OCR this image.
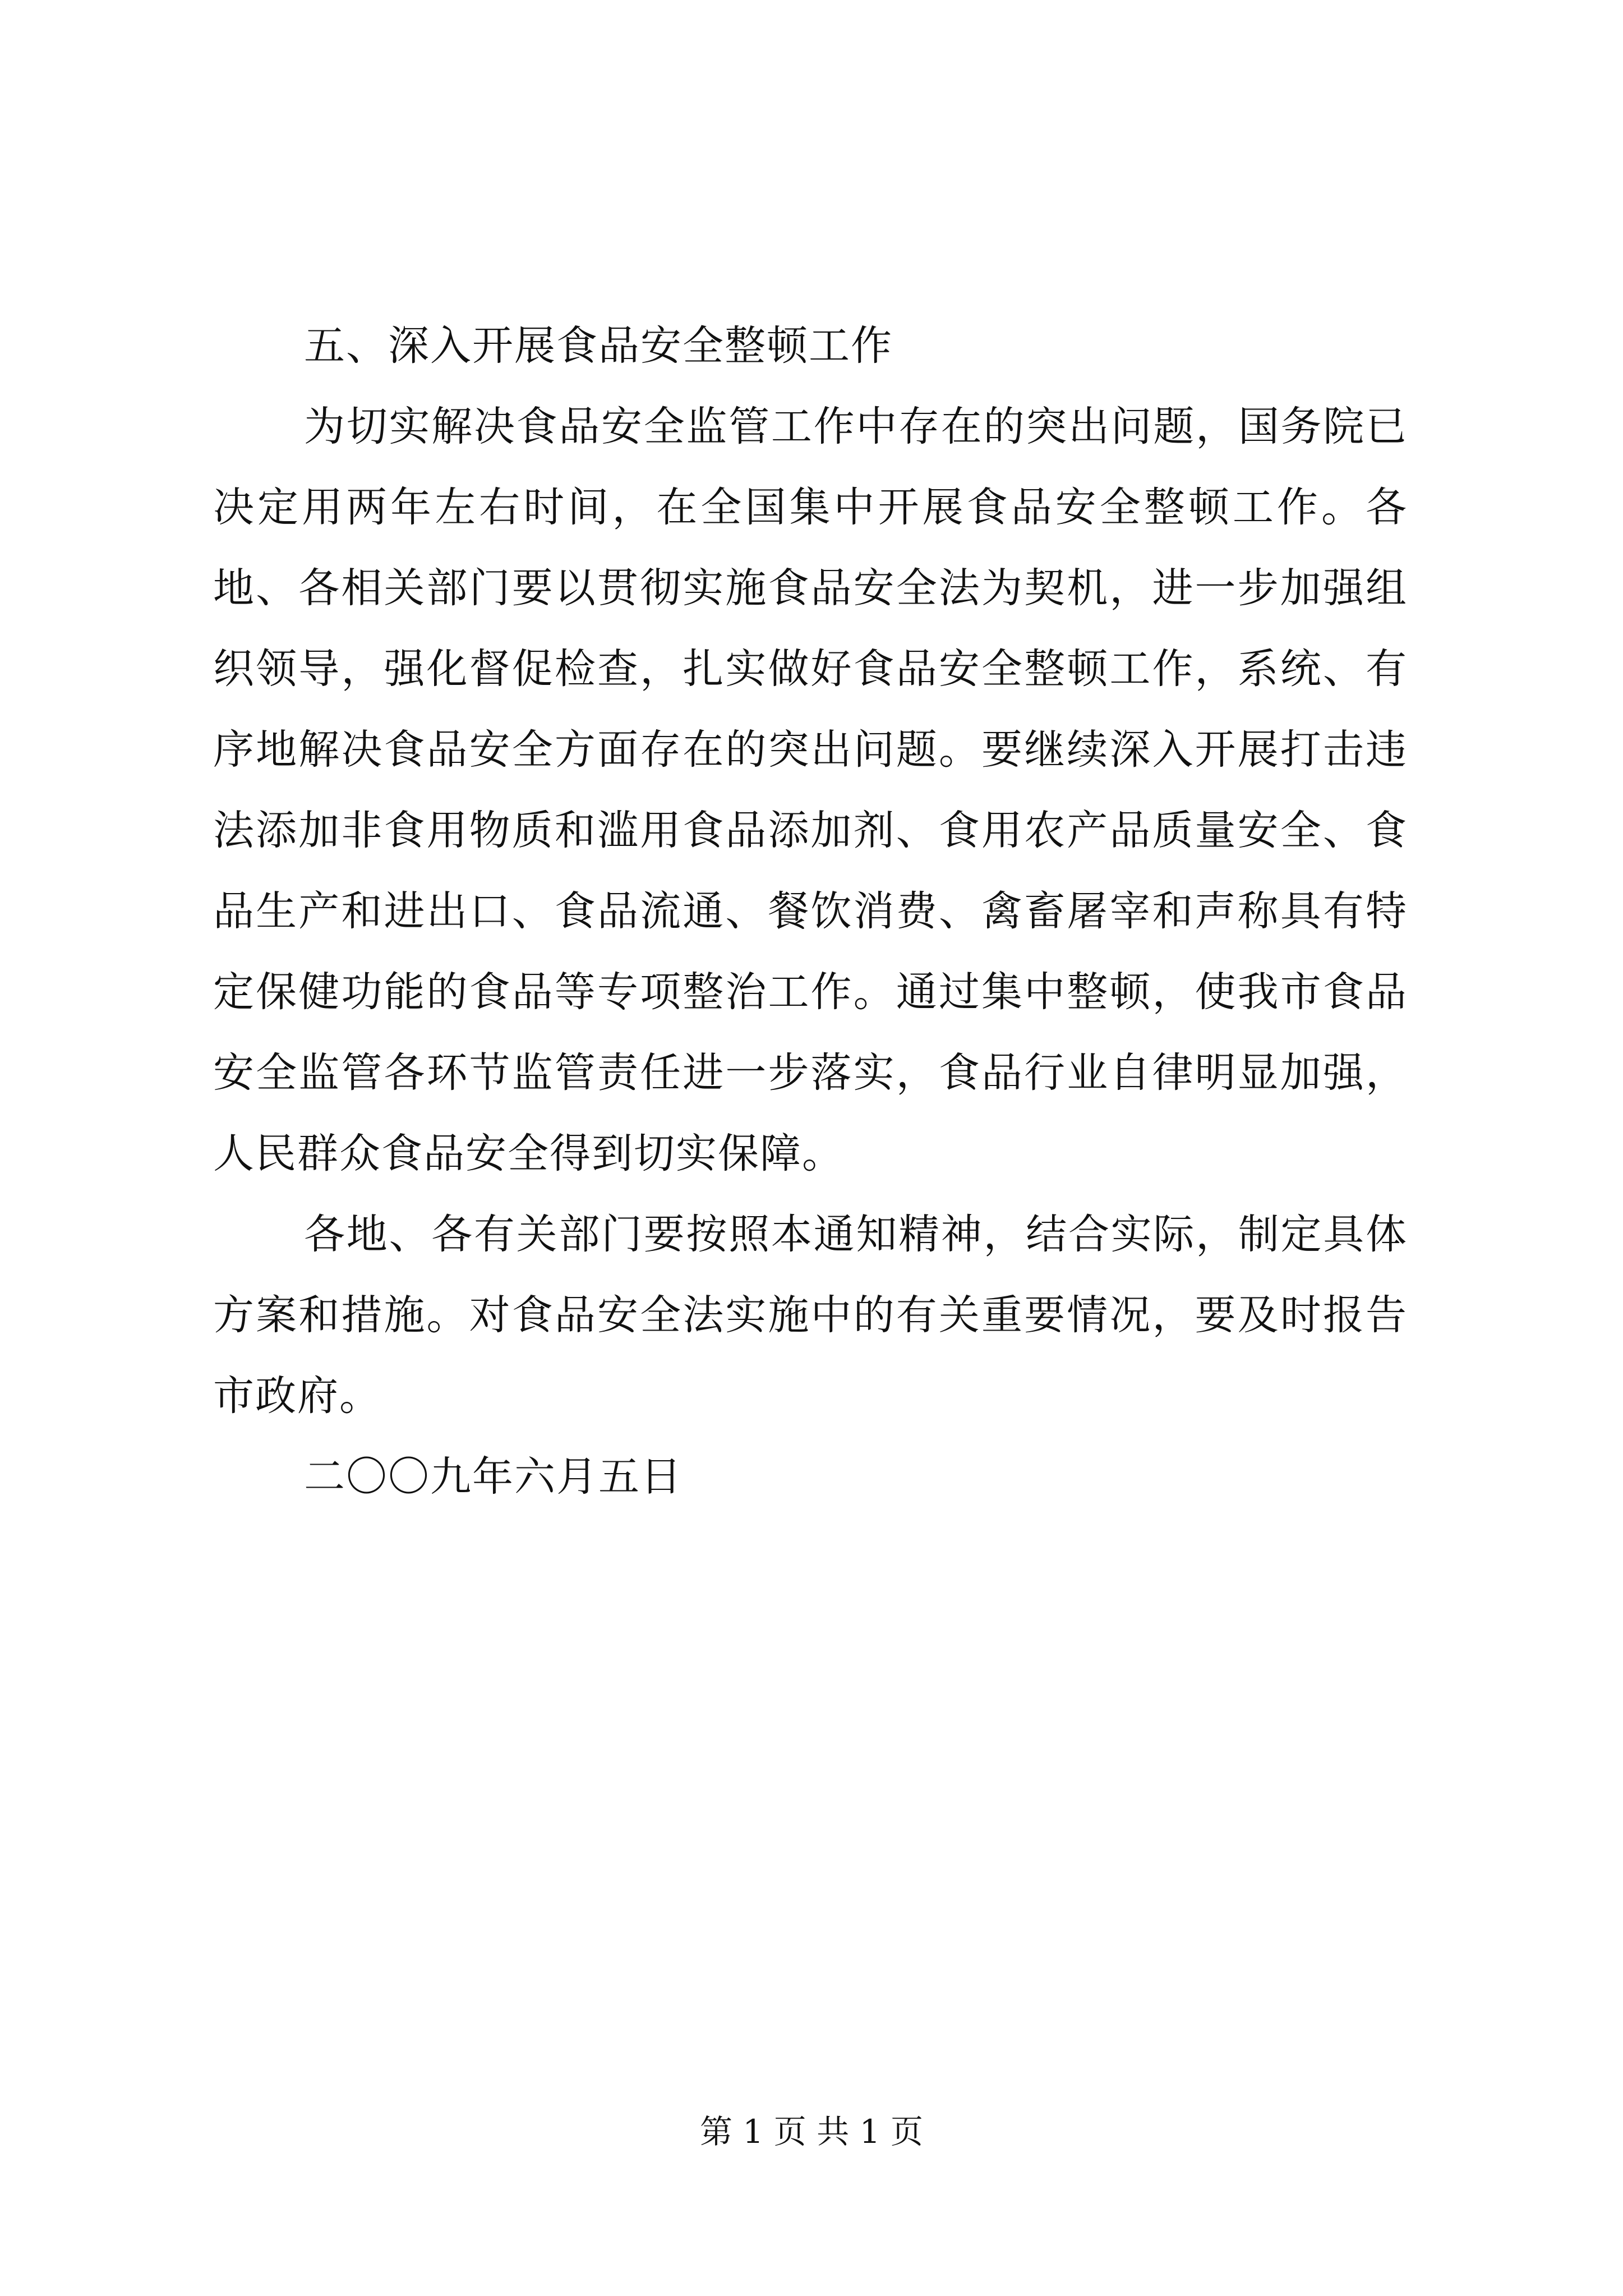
五、深入开展食品安全整顿工作

为切实解决食品安全监管工作中存在的突出问题，国务院已决定用两年左右时间，在全国集中开展食品安全整顿工作。各地、各相关部门要以贯彻实施食品安全法为契机，进一步加强组织领导，强化督促检查，扎实做好食品安全整顿工作，系统、有序地解决食品安全方面存在的突出问题。要继续深入开展打击违法添加非食用物质和滥用食品添加剂、食用农产品质量安全、食品生产和进出口、食品流通、餐饮消费、禽畜屠宰和声称具有特定保健功能的食品等专项整治工作。通过集中整顿，使我市食品安全监管各环节监管责任进一步落实，食品行业自律明显加强，人民群众食品安全得到切实保障。

各地、各有关部门要按照本通知精神，结合实际，制定具体方案和措施。对食品安全法实施中的有关重要情况，要及时报告市政府。

二〇〇九年六月五日

第 1 页 共 1 页
